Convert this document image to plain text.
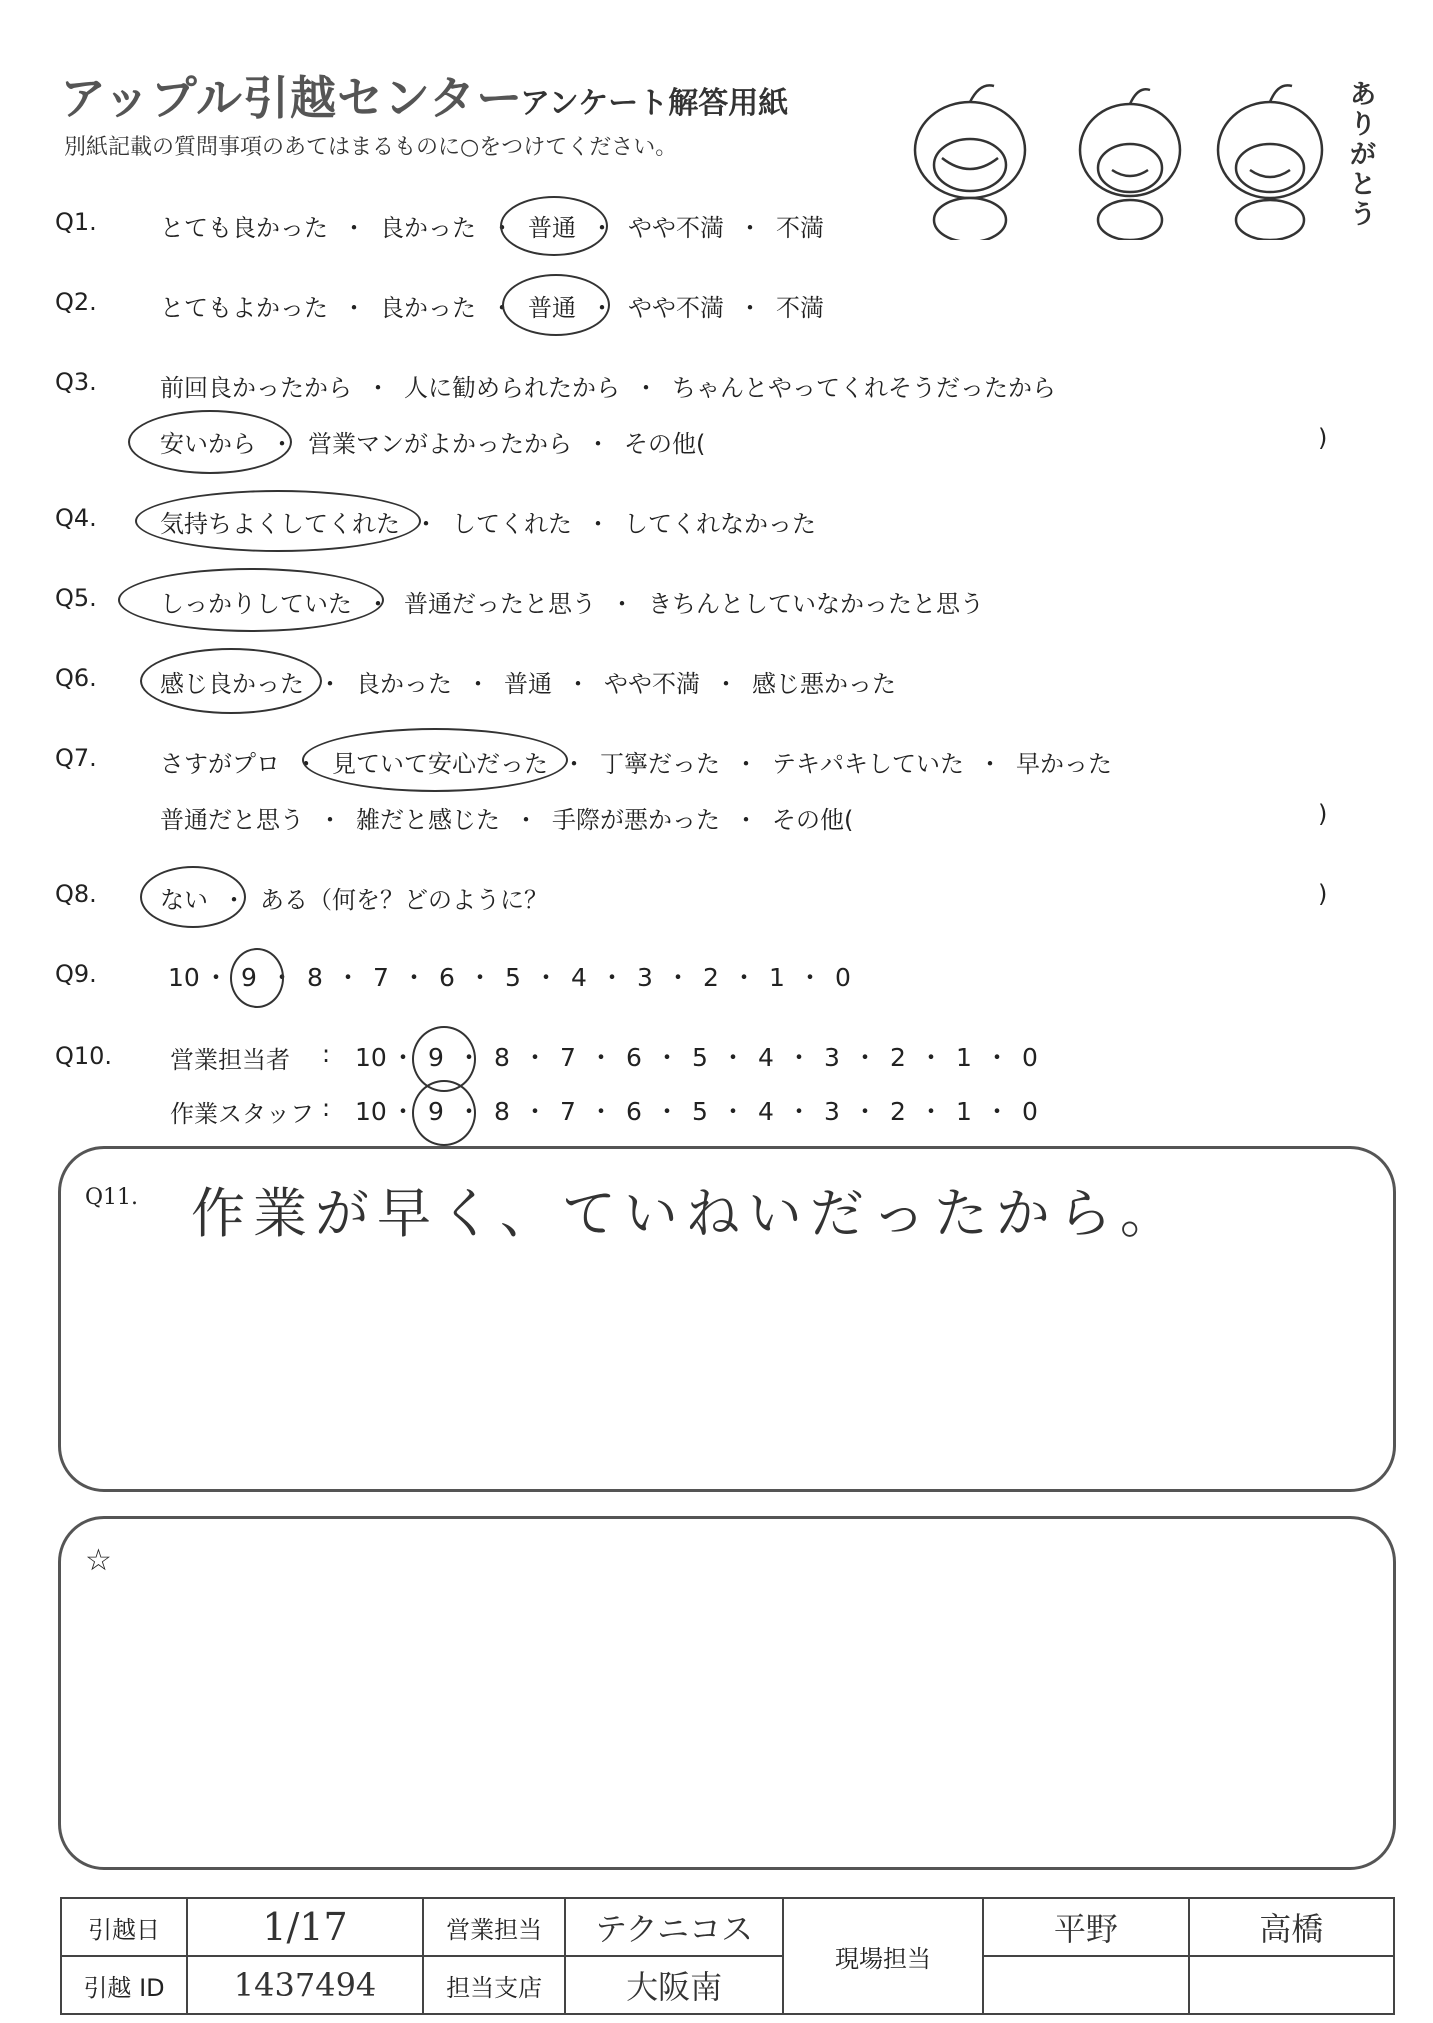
アップル引越センター
アンケート解答用紙
別紙記載の質問事項のあてはまるものに○をつけてください。
ありがとう
Q1.	とても良かった ・ 良かった ・ 普通 ・ やや不満 ・ 不満
Q2.	とてもよかった ・ 良かった ・ 普通 ・ やや不満 ・ 不満
Q3.	前回良かったから ・ 人に勧められたから ・ ちゃんとやってくれそうだったから
安いから ・ 営業マンがよかったから ・ その他(	)
Q4.	気持ちよくしてくれた ・ してくれた ・ してくれなかった
Q5.	しっかりしていた ・ 普通だったと思う ・ きちんとしていなかったと思う
Q6.	感じ良かった ・ 良かった ・ 普通 ・ やや不満 ・ 感じ悪かった
Q7.	さすがプロ ・ 見ていて安心だった ・ 丁寧だった ・ テキパキしていた ・ 早かった
普通だと思う ・ 雑だと感じた ・ 手際が悪かった ・ その他(	)
Q8.	ない ・ ある（何を？どのように？	)
Q9.	10 ・ 9 ・ 8 ・ 7 ・ 6 ・ 5 ・ 4 ・ 3 ・ 2 ・ 1 ・ 0
Q10. 営業担当者 : 10 ・ 9 ・ 8 ・ 7 ・ 6 ・ 5 ・ 4 ・ 3 ・ 2 ・ 1 ・ 0
作業スタッフ : 10 ・ 9 ・ 8 ・ 7 ・ 6 ・ 5 ・ 4 ・ 3 ・ 2 ・ 1 ・ 0
Q11. 作業が早く、ていねいだったから。
☆
引越日	1/17	営業担当	テクニコス	現場担当	平野	高橋
引越 ID	1437494	担当支店	大阪南			
